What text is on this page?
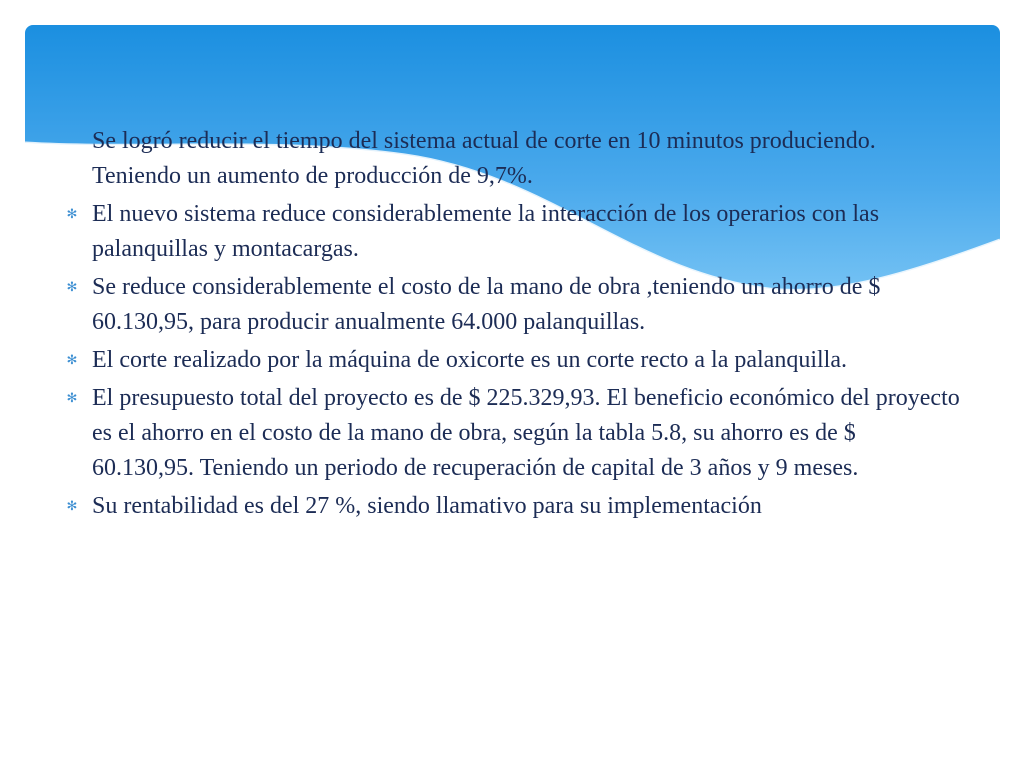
Se logró reducir el tiempo del sistema actual de corte en 10 minutos produciendo. Teniendo un aumento de producción de 9,7%.
✻ El nuevo sistema reduce considerablemente la interacción de los operarios con las palanquillas y montacargas.
✻ Se reduce considerablemente el costo de la mano de obra ,teniendo un ahorro de $ 60.130,95, para producir anualmente 64.000 palanquillas.
✻ El corte realizado por la máquina de oxicorte es un corte recto a la palanquilla.
✻ El presupuesto total del proyecto es de $ 225.329,93. El beneficio económico del proyecto es el ahorro en el costo de la mano de obra, según la tabla 5.8, su ahorro es de $ 60.130,95. Teniendo un periodo de recuperación de capital de 3 años y 9 meses.
✻ Su rentabilidad es del 27 %, siendo llamativo para su implementación
